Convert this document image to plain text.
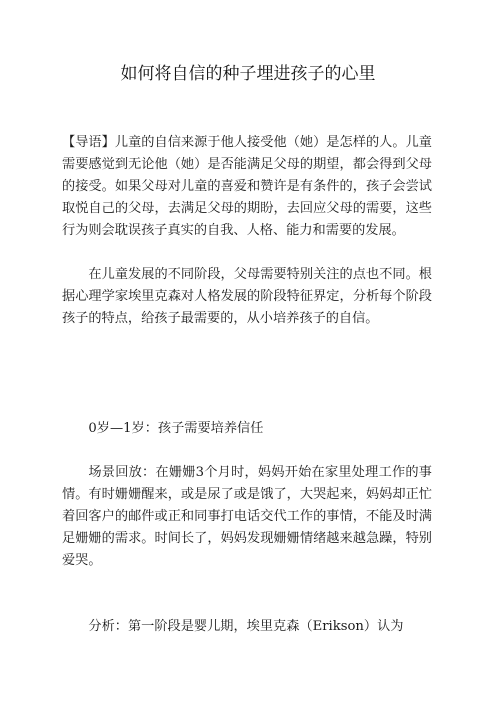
如何将自信的种子埋进孩子的心里

【导语】儿童的自信来源于他人接受他（她）是怎样的人。儿童需要感觉到无论他（她）是否能满足父母的期望，都会得到父母的接受。如果父母对儿童的喜爱和赞许是有条件的，孩子会尝试取悦自己的父母，去满足父母的期盼，去回应父母的需要，这些行为则会耽误孩子真实的自我、人格、能力和需要的发展。

在儿童发展的不同阶段，父母需要特别关注的点也不同。根据心理学家埃里克森对人格发展的阶段特征界定，分析每个阶段孩子的特点，给孩子最需要的，从小培养孩子的自信。

0岁—1岁：孩子需要培养信任

场景回放：在姗姗3个月时，妈妈开始在家里处理工作的事情。有时姗姗醒来，或是尿了或是饿了，大哭起来，妈妈却正忙着回客户的邮件或正和同事打电话交代工作的事情，不能及时满足姗姗的需求。时间长了，妈妈发现姗姗情绪越来越急躁，特别爱哭。

分析：第一阶段是婴儿期，埃里克森（Erikson）认为
